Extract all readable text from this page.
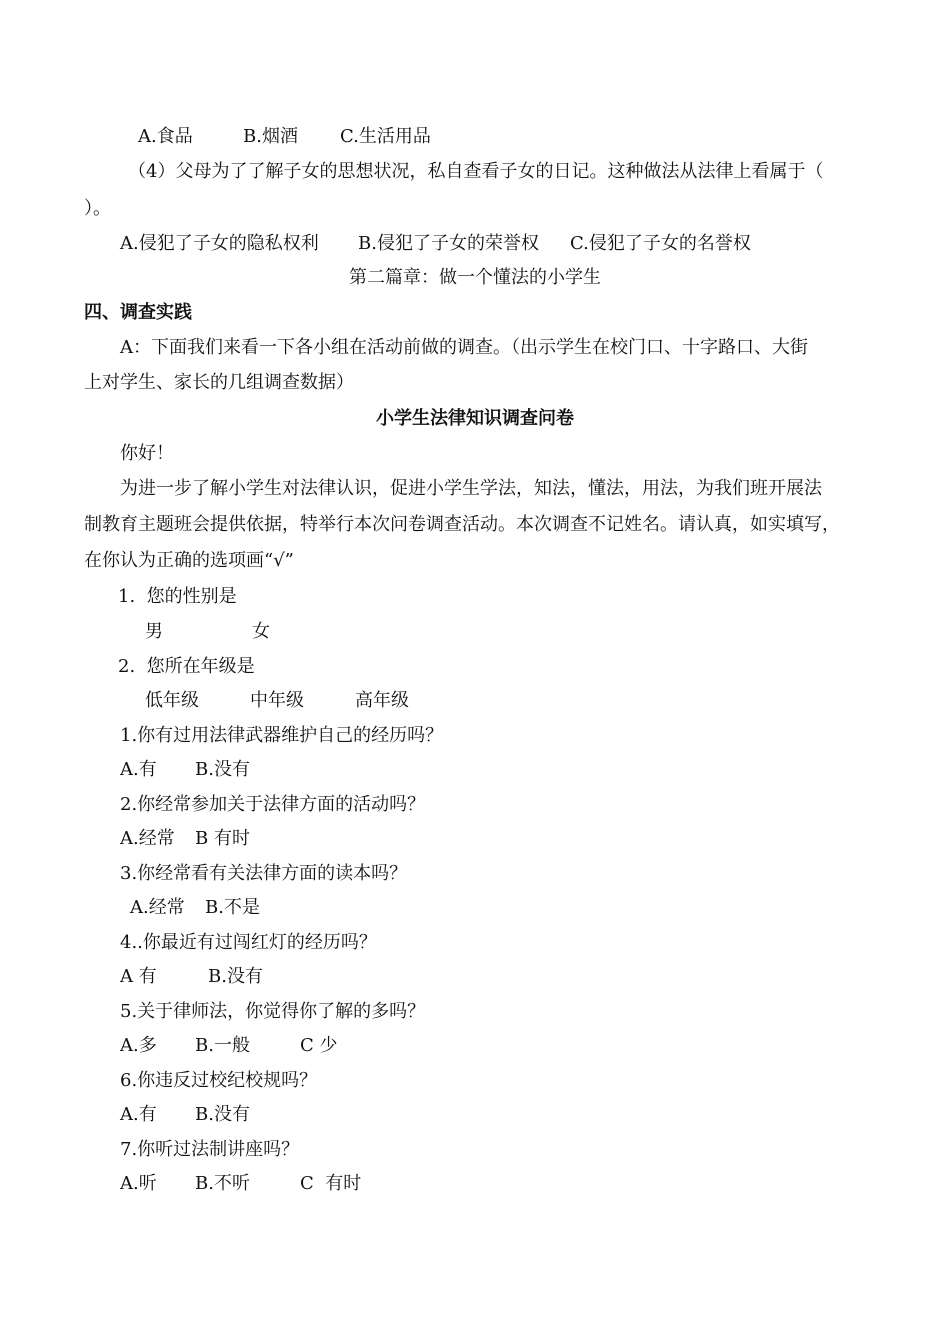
A.食品	B.烟酒 C.生活用品
（4）父母为了了解子女的思想状况，私自查看子女的日记。这种做法从法律上看属于（
）。
A.侵犯了子女的隐私权利 B.侵犯了子女的荣誉权 C.侵犯了子女的名誉权
第二篇章：做一个懂法的小学生
四、调查实践
A：下面我们来看一下各小组在活动前做的调查。（出示学生在校门口、十字路口、大街
上对学生、家长的几组调查数据）
小学生法律知识调查问卷
你好！
为进一步了解小学生对法律认识，促进小学生学法，知法，懂法，用法，为我们班开展法
制教育主题班会提供依据，特举行本次问卷调查活动。本次调查不记姓名。请认真，如实填写，
在你认为正确的选项画“√”
1.  您的性别是
男	女
2.  您所在年级是
低年级	中年级	高年级
1.你有过用法律武器维护自己的经历吗？
A.有 B.没有
2.你经常参加关于法律方面的活动吗？
A.经常 B 有时
3.你经常看有关法律方面的读本吗？
A.经常 B.不是
4..你最近有过闯红灯的经历吗？
A 有	B.没有
5.关于律师法，你觉得你了解的多吗？
A.多 B.一般	C 少
6.你违反过校纪校规吗？
A.有 B.没有
7.你听过法制讲座吗？
A.听 B.不听	C  有时
